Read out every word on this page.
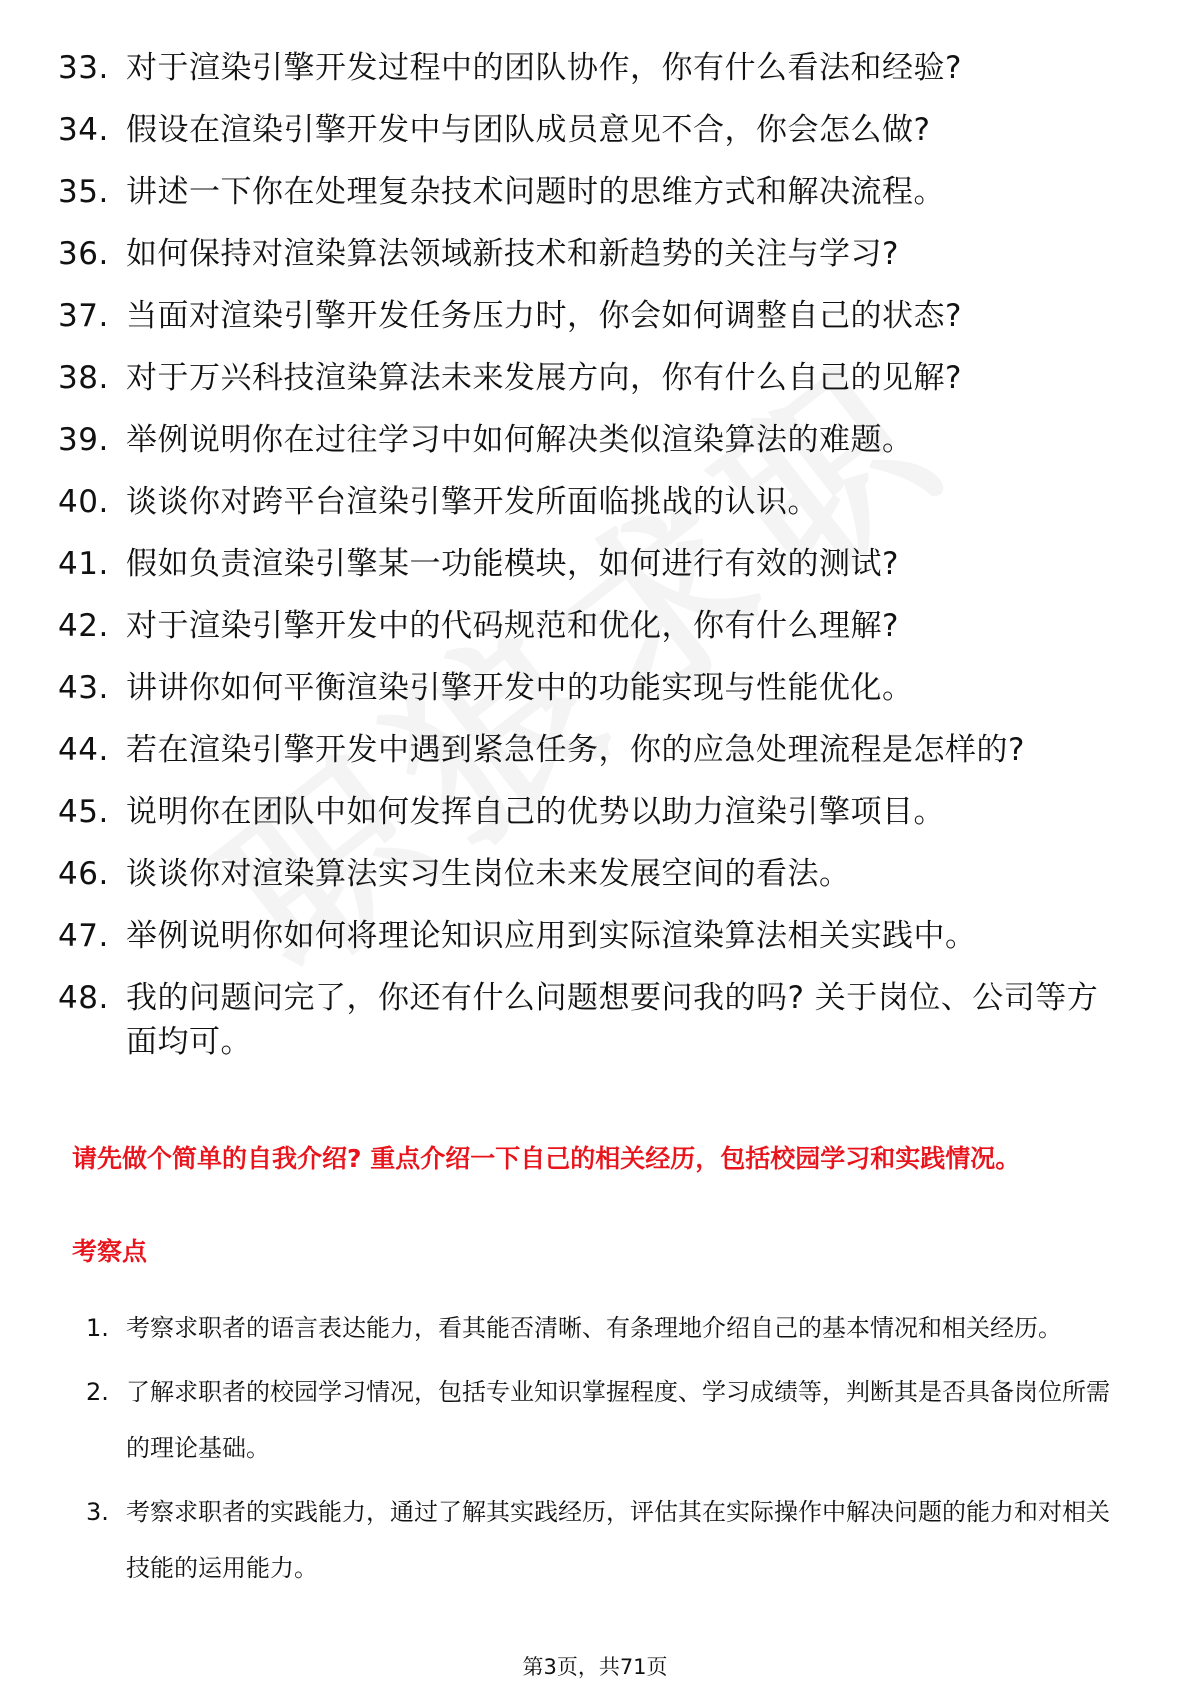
33. 对于渲染引擎开发过程中的团队协作，你有什么看法和经验?
34. 假设在渲染引擎开发中与团队成员意见不合，你会怎么做?
35. 讲述一下你在处理复杂技术问题时的思维方式和解决流程。
36. 如何保持对渲染算法领域新技术和新趋势的关注与学习?
37. 当面对渲染引擎开发任务压力时，你会如何调整自己的状态?
38. 对于万兴科技渲染算法未来发展方向，你有什么自己的见解?
39. 举例说明你在过往学习中如何解决类似渲染算法的难题。
40. 谈谈你对跨平台渲染引擎开发所面临挑战的认识。
41. 假如负责渲染引擎某一功能模块，如何进行有效的测试?
42. 对于渲染引擎开发中的代码规范和优化，你有什么理解?
43. 讲讲你如何平衡渲染引擎开发中的功能实现与性能优化。
44. 若在渲染引擎开发中遇到紧急任务，你的应急处理流程是怎样的?
45. 说明你在团队中如何发挥自己的优势以助力渲染引擎项目。
46. 谈谈你对渲染算法实习生岗位未来发展空间的看法。
47. 举例说明你如何将理论知识应用到实际渲染算法相关实践中。
48. 我的问题问完了，你还有什么问题想要问我的吗? 关于岗位、公司等方面均可。
请先做个简单的自我介绍? 重点介绍一下自己的相关经历，包括校园学习和实践情况。
考察点
1. 考察求职者的语言表达能力，看其能否清晰、有条理地介绍自己的基本情况和相关经历。
2. 了解求职者的校园学习情况，包括专业知识掌握程度、学习成绩等，判断其是否具备岗位所需的理论基础。
3. 考察求职者的实践能力，通过了解其实践经历，评估其在实际操作中解决问题的能力和对相关技能的运用能力。
第3页，共71页
